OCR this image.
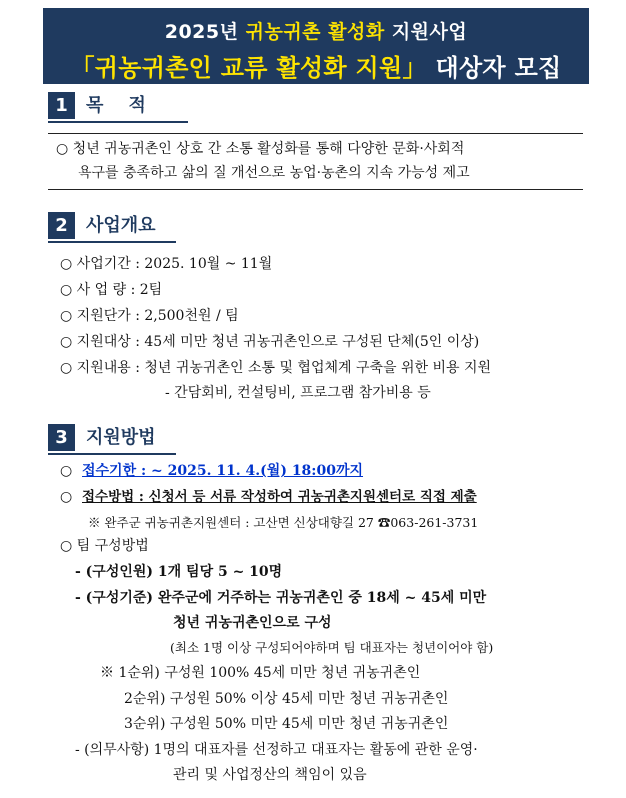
2025년 귀농귀촌 활성화 지원사업
「귀농귀촌인 교류 활성화 지원」 대상자 모집
1	목    적
○ 청년 귀농귀촌인 상호 간 소통 활성화를 통해 다양한 문화·사회적
욕구를 충족하고 삶의 질 개선으로 농업·농촌의 지속 가능성 제고
2	사업개요
○ 사업기간 : 2025. 10월 ~ 11월
○ 사 업 량 : 2팀
○ 지원단가 : 2,500천원 / 팀
○ 지원대상 : 45세 미만 청년 귀농귀촌인으로 구성된 단체(5인 이상)
○ 지원내용 : 청년 귀농귀촌인 소통 및 협업체계 구축을 위한 비용 지원
- 간담회비, 컨설팅비, 프로그램 참가비용 등
3	지원방법
○ 접수기한 : ~ 2025. 11. 4.(월) 18:00까지
○ 접수방법 : 신청서 등 서류 작성하여 귀농귀촌지원센터로 직접 제출
※ 완주군 귀농귀촌지원센터 : 고산면 신상대향길 27 ☎063-261-3731
○ 팀 구성방법
- (구성인원) 1개 팀당 5 ~ 10명
- (구성기준) 완주군에 거주하는 귀농귀촌인 중 18세 ~ 45세 미만
청년 귀농귀촌인으로 구성
(최소 1명 이상 구성되어야하며 팀 대표자는 청년이어야 함)
※ 1순위) 구성원 100% 45세 미만 청년 귀농귀촌인
2순위) 구성원 50% 이상 45세 미만 청년 귀농귀촌인
3순위) 구성원 50% 미만 45세 미만 청년 귀농귀촌인
- (의무사항) 1명의 대표자를 선정하고 대표자는 활동에 관한 운영·
관리 및 사업정산의 책임이 있음
